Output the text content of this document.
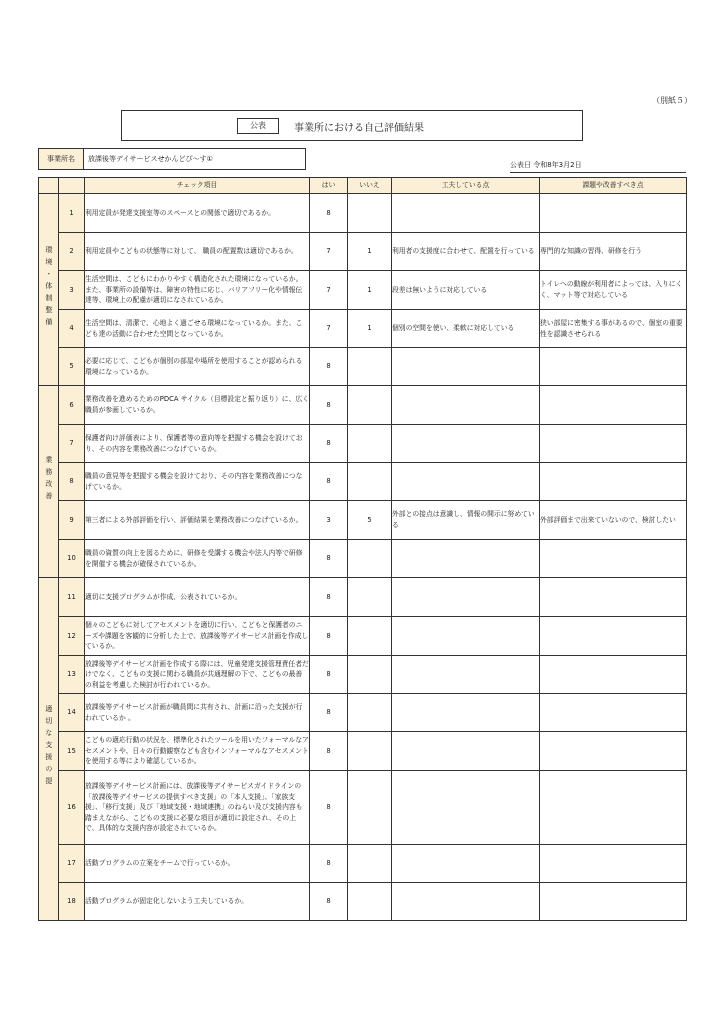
（別紙５）
公表	事業所における自己評価結果
事業所名	放課後等デイサービスせかんどぴ～す①
公表日 令和8年3月2日
		チェック項目	はい	いいえ	工夫している点	課題や改善すべき点
環境・体制整備	1	利用定員が発達支援室等のスペースとの関係で適切であるか。	8			
	2	利用定員やこどもの状態等に対して、 職員の配置数は適切であるか。	7	1	利用者の支援度に合わせて、配置を行っている	専門的な知識の習得、研修を行う
	3	生活空間は、こどもにわかりやすく構造化された環境になっているか。また、事業所の設備等は、障害の特性に応じ、バリアフリー化や情報伝達等、環境上の配慮が適切になされているか。	7	1	段差は無いように対応している	トイレへの動線が利用者によっては、入りにくく、マット等で対応している
	4	生活空間は、清潔で、心地よく過ごせる環境になっているか。また、こども達の活動に合わせた空間となっているか。	7	1	個別の空間を使い、柔軟に対応している	狭い部屋に密集する事があるので、個室の重要性を認識させられる
	5	必要に応じて、こどもが個別の部屋や場所を使用することが認められる環境になっているか。	8			
業務改善	6	業務改善を進めるためのPDCA サイクル（目標設定と振り返り）に、広く職員が参画しているか。	8			
	7	保護者向け評価表により、保護者等の意向等を把握する機会を設けており、その内容を業務改善につなげているか。	8			
	8	職員の意見等を把握する機会を設けており、その内容を業務改善につなげているか。	8			
	9	第三者による外部評価を行い、評価結果を業務改善につなげているか。	3	5	外部との接点は意識し、情報の開示に努めている	外部評価まで出来ていないので、検討したい
	10	職員の資質の向上を図るために、研修を受講する機会や法人内等で研修を開催する機会が確保されているか。	8			
適切な支援の提	11	適切に支援プログラムが作成、公表されているか。	8			
	12	個々のこどもに対してアセスメントを適切に行い、こどもと保護者のニーズや課題を客観的に分析した上で、放課後等デイサービス計画を作成しているか。	8			
	13	放課後等デイサービス計画を作成する際には、児童発達支援管理責任者だけでなく、こどもの支援に関わる職員が共通理解の下で、こどもの最善の利益を考慮した検討が行われているか。	8			
	14	放課後等デイサービス計画が職員間に共有され、計画に沿った支援が行われているか 。	8			
	15	こどもの適応行動の状況を、標準化されたツールを用いたフォーマルなアセスメントや、日々の行動観察なども含むインフォーマルなアセスメントを使用する等により確認しているか。	8			
	16	放課後等デイサービス計画には、放課後等デイサービスガイドラインの「放課後等デイサービスの提供すべき支援」の「本人支援」、「家族支援」、「移行支援」及び「地域支援・地域連携」のねらい及び支援内容も踏まえながら、こどもの支援に必要な項目が適切に設定され、その上で、具体的な支援内容が設定されているか。	8			
	17	活動プログラムの立案をチームで行っているか。	8			
	18	活動プログラムが固定化しないよう工夫しているか。	8			
